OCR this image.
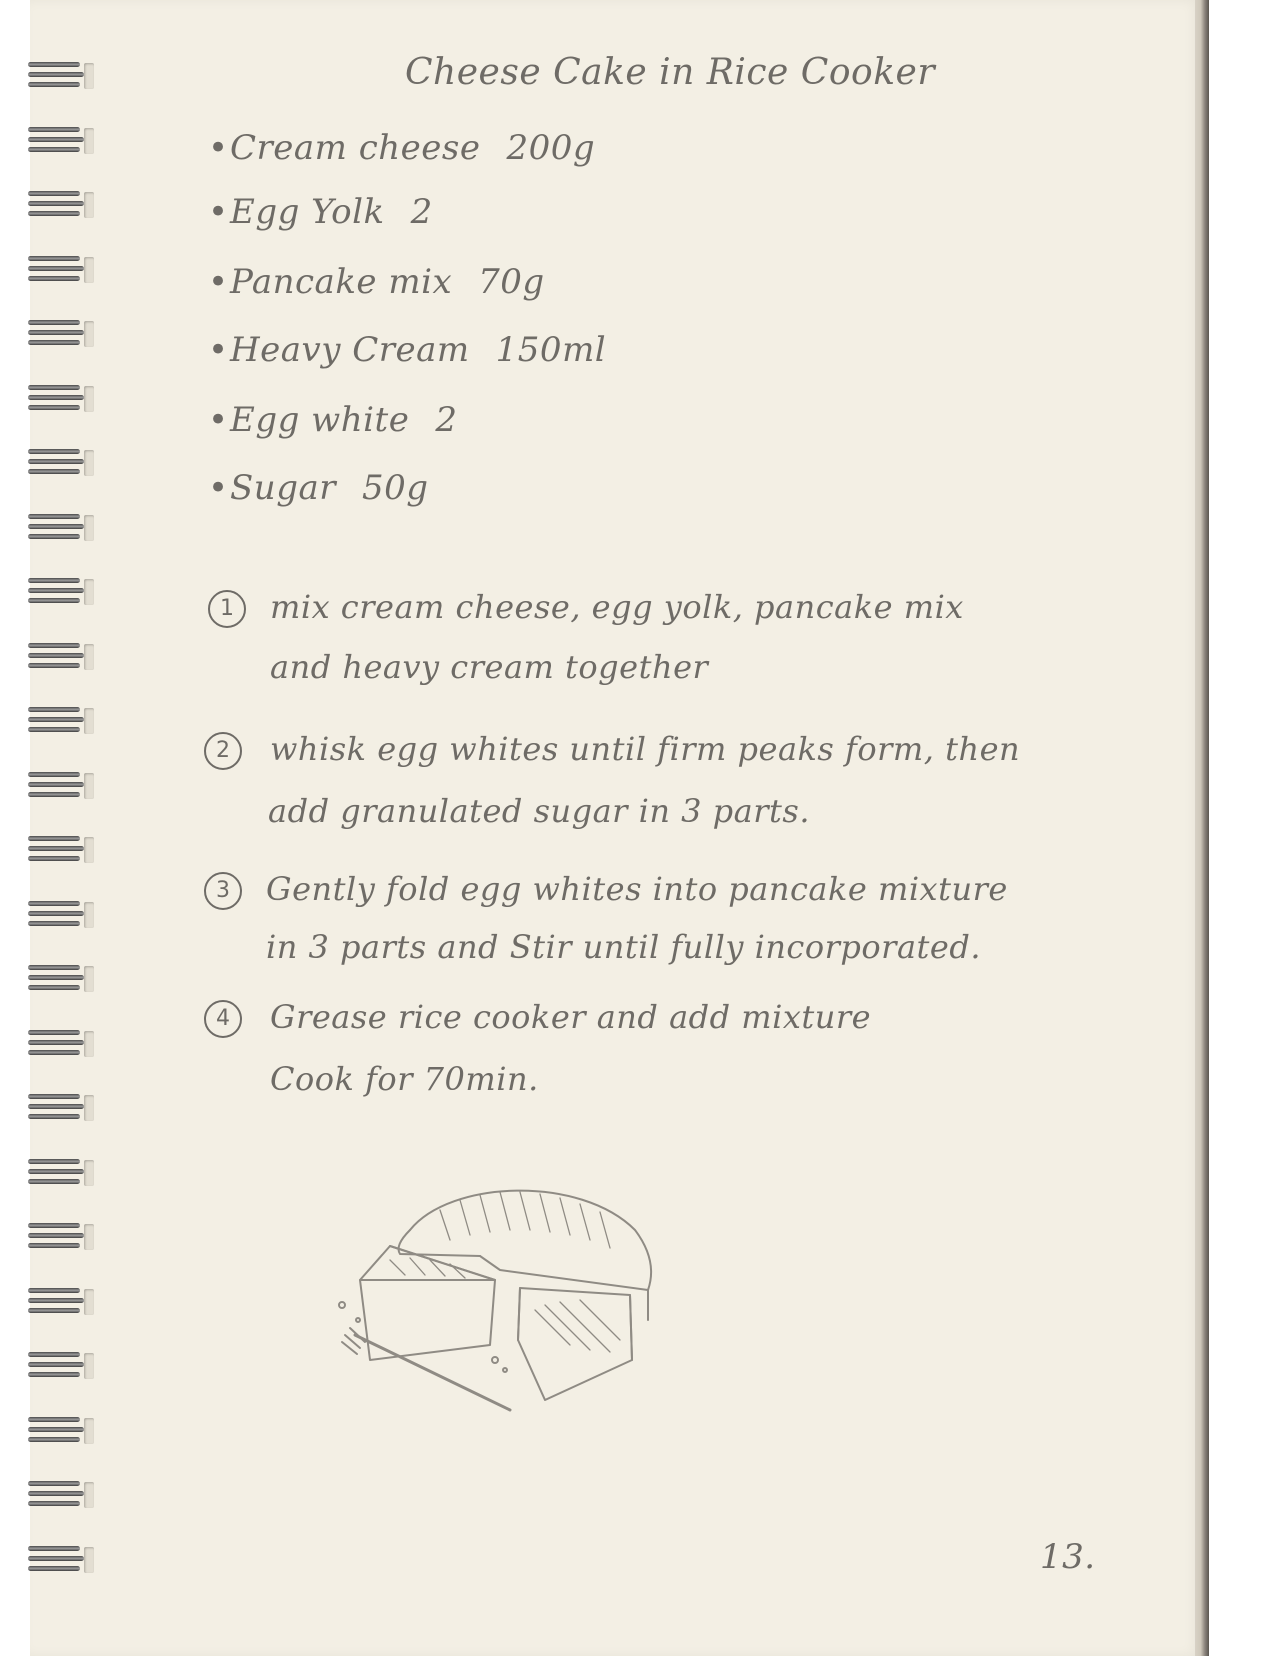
Cheese Cake in Rice Cooker
•Cream cheese 200g
•Egg Yolk 2
•Pancake mix 70g
•Heavy Cream 150ml
•Egg white 2
•Sugar 50g
1	mix cream cheese, egg yolk, pancake mix
and heavy cream together
2	whisk egg whites until firm peaks form, then
add granulated sugar in 3 parts.
3	Gently fold egg whites into pancake mixture
in 3 parts and Stir until fully incorporated.
4	Grease rice cooker and add mixture
Cook for 70min.
13.
